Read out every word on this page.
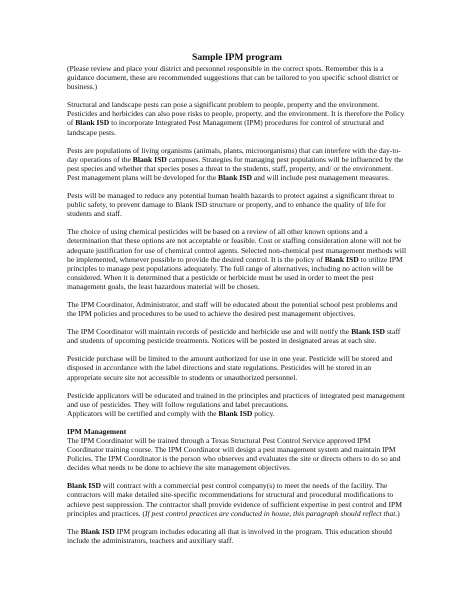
Sample IPM program

(Please review and place your district and personnel responsible in the correct spots. Remember this is a guidance document, these are recommended suggestions that can be tailored to you specific school district or business.)

Structural and landscape pests can pose a significant problem to people, property and the environment. Pesticides and herbicides can also pose risks to people, property, and the environment. It is therefore the Policy of Blank ISD to incorporate Integrated Pest Management (IPM) procedures for control of structural and landscape pests.

Pests are populations of living organisms (animals, plants, microorganisms) that can interfere with the day-to-day operations of the Blank ISD campuses. Strategies for managing pest populations will be influenced by the pest species and whether that species poses a threat to the students, staff, property, and/ or the environment. Pest management plans will be developed for the Blank ISD and will include pest management measures.

Pests will be managed to reduce any potential human health hazards to protect against a significant threat to public safety, to prevent damage to Blank ISD structure or property, and to enhance the quality of life for students and staff.

The choice of using chemical pesticides will be based on a review of all other known options and a determination that these options are not acceptable or feasible. Cost or staffing consideration alone will not be adequate justification for use of chemical control agents. Selected non-chemical pest management methods will be implemented, whenever possible to provide the desired control. It is the policy of Blank ISD to utilize IPM principles to manage pest populations adequately. The full range of alternatives, including no action will be considered. When it is determined that a pesticide or herbicide must be used in order to meet the pest management goals, the least hazardous material will be chosen.

The IPM Coordinator, Administrator, and staff will be educated about the potential school pest problems and the IPM policies and procedures to be used to achieve the desired pest management objectives.

The IPM Coordinator will maintain records of pesticide and herbicide use and will notify the Blank ISD staff and students of upcoming pesticide treatments. Notices will be posted in designated areas at each site.

Pesticide purchase will be limited to the amount authorized for use in one year. Pesticide will be stored and disposed in accordance with the label directions and state regulations. Pesticides will be stored in an appropriate secure site not accessible to students or unauthorized personnel.

Pesticide applicators will be educated and trained in the principles and practices of integrated pest management and use of pesticides. They will follow regulations and label precautions.
Applicators will be certified and comply with the Blank ISD policy.

IPM Management

The IPM Coordinator will be trained through a Texas Structural Pest Control Service approved IPM Coordinator training course. The IPM Coordinator will design a pest management system and maintain IPM Policies. The IPM Coordinator is the person who observes and evaluates the site or directs others to do so and decides what needs to be done to achieve the site management objectives.

Blank ISD will contract with a commercial pest control company(s) to meet the needs of the facility. The contractors will make detailed site-specific recommendations for structural and procedural modifications to achieve pest suppression. The contractor shall provide evidence of sufficient expertise in pest control and IPM principles and practices. (If pest control practices are conducted in house, this paragraph should reflect that.)

The Blank ISD IPM program includes educating all that is involved in the program. This education should include the administrators, teachers and auxiliary staff.
